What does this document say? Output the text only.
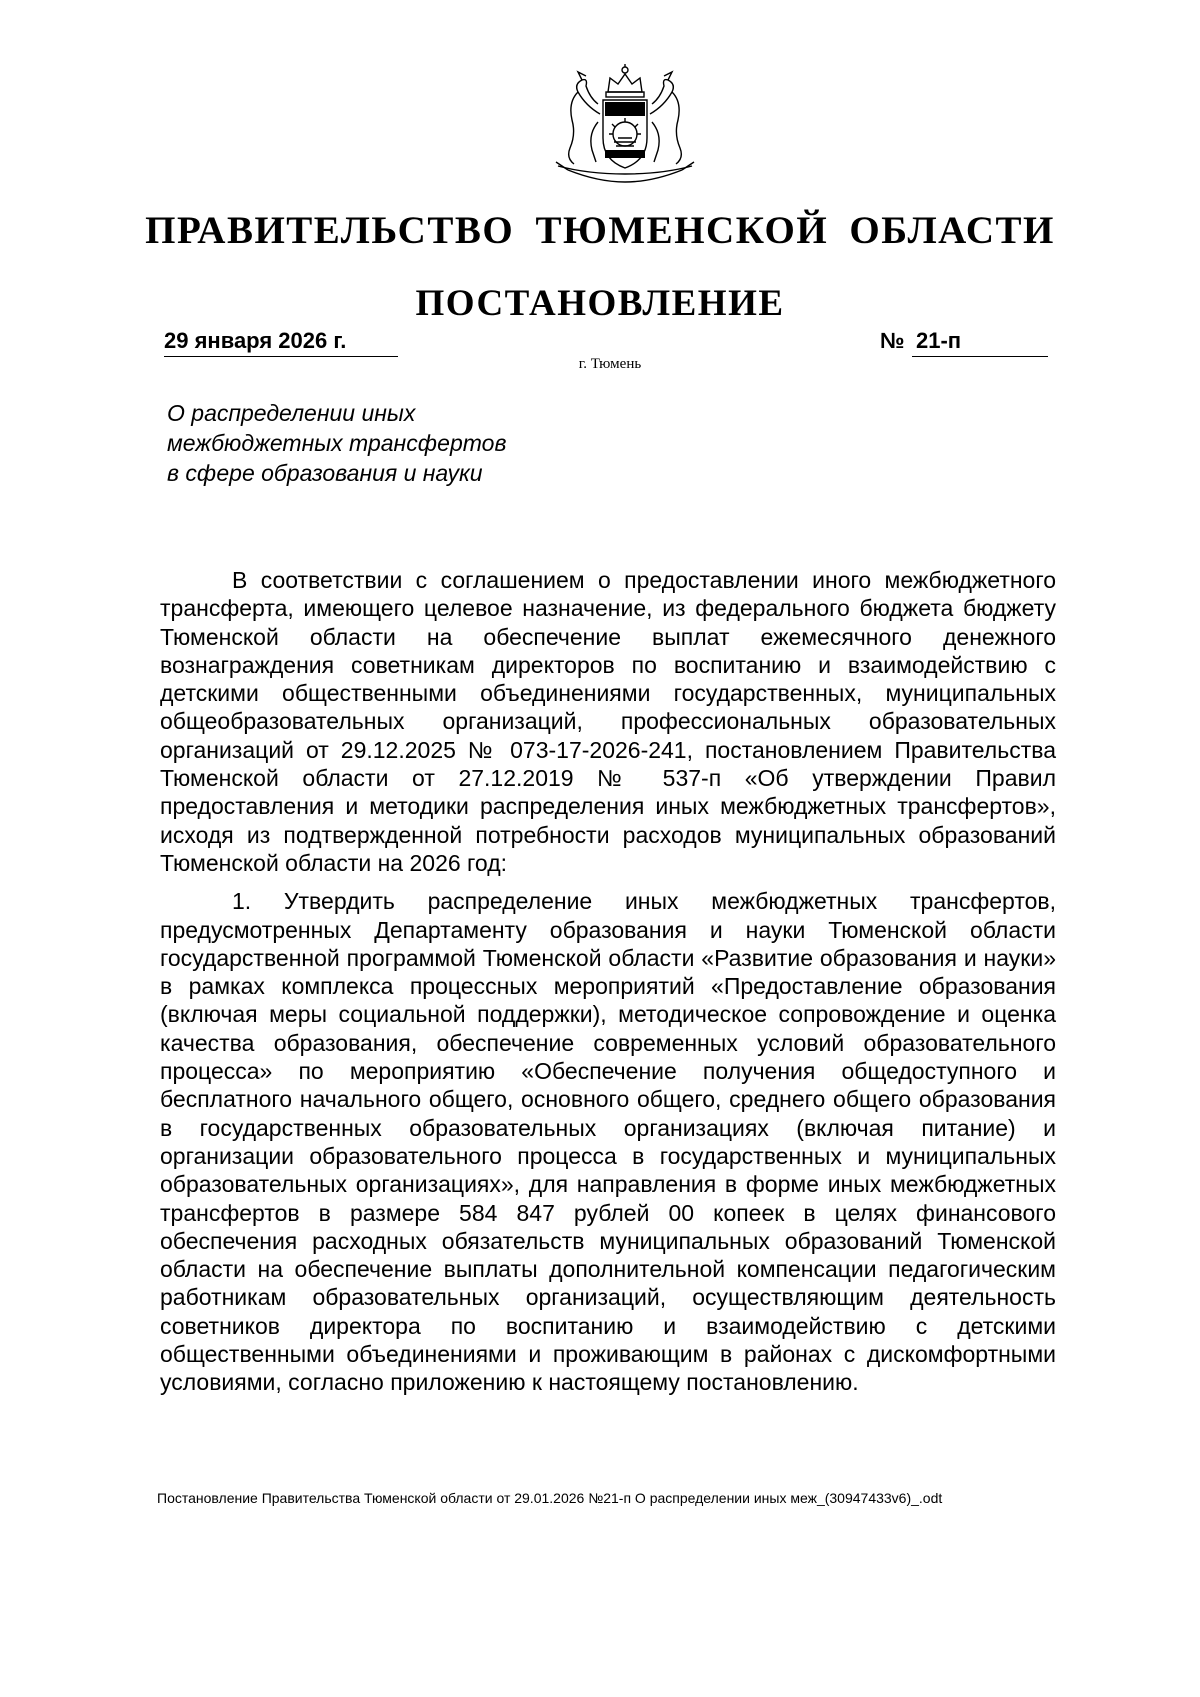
ПРАВИТЕЛЬСТВО ТЮМЕНСКОЙ ОБЛАСТИ
ПОСТАНОВЛЕНИЕ
29 января 2026 г.	№ 21-п
г. Тюмень
О распределении иных
межбюджетных трансфертов
в сфере образования и науки

В соответствии с соглашением о предоставлении иного межбюджетного трансферта, имеющего целевое назначение, из федерального бюджета бюджету Тюменской области на обеспечение выплат ежемесячного денежного вознаграждения советникам директоров по воспитанию и взаимодействию с детскими общественными объединениями государственных, муниципальных общеобразовательных организаций, профессиональных образовательных организаций от 29.12.2025 № 073-17-2026-241, постановлением Правительства Тюменской области от 27.12.2019 № 537-п «Об утверждении Правил предоставления и методики распределения иных межбюджетных трансфертов», исходя из подтвержденной потребности расходов муниципальных образований Тюменской области на 2026 год:

1. Утвердить распределение иных межбюджетных трансфертов, предусмотренных Департаменту образования и науки Тюменской области государственной программой Тюменской области «Развитие образования и науки» в рамках комплекса процессных мероприятий «Предоставление образования (включая меры социальной поддержки), методическое сопровождение и оценка качества образования, обеспечение современных условий образовательного процесса» по мероприятию «Обеспечение получения общедоступного и бесплатного начального общего, основного общего, среднего общего образования в государственных образовательных организациях (включая питание) и организации образовательного процесса в государственных и муниципальных образовательных организациях», для направления в форме иных межбюджетных трансфертов в размере 584 847 рублей 00 копеек в целях финансового обеспечения расходных обязательств муниципальных образований Тюменской области на обеспечение выплаты дополнительной компенсации педагогическим работникам образовательных организаций, осуществляющим деятельность советников директора по воспитанию и взаимодействию с детскими общественными объединениями и проживающим в районах с дискомфортными условиями, согласно приложению к настоящему постановлению.

Постановление Правительства Тюменской области от 29.01.2026 №21-п О распределении иных меж_(30947433v6)_.odt
